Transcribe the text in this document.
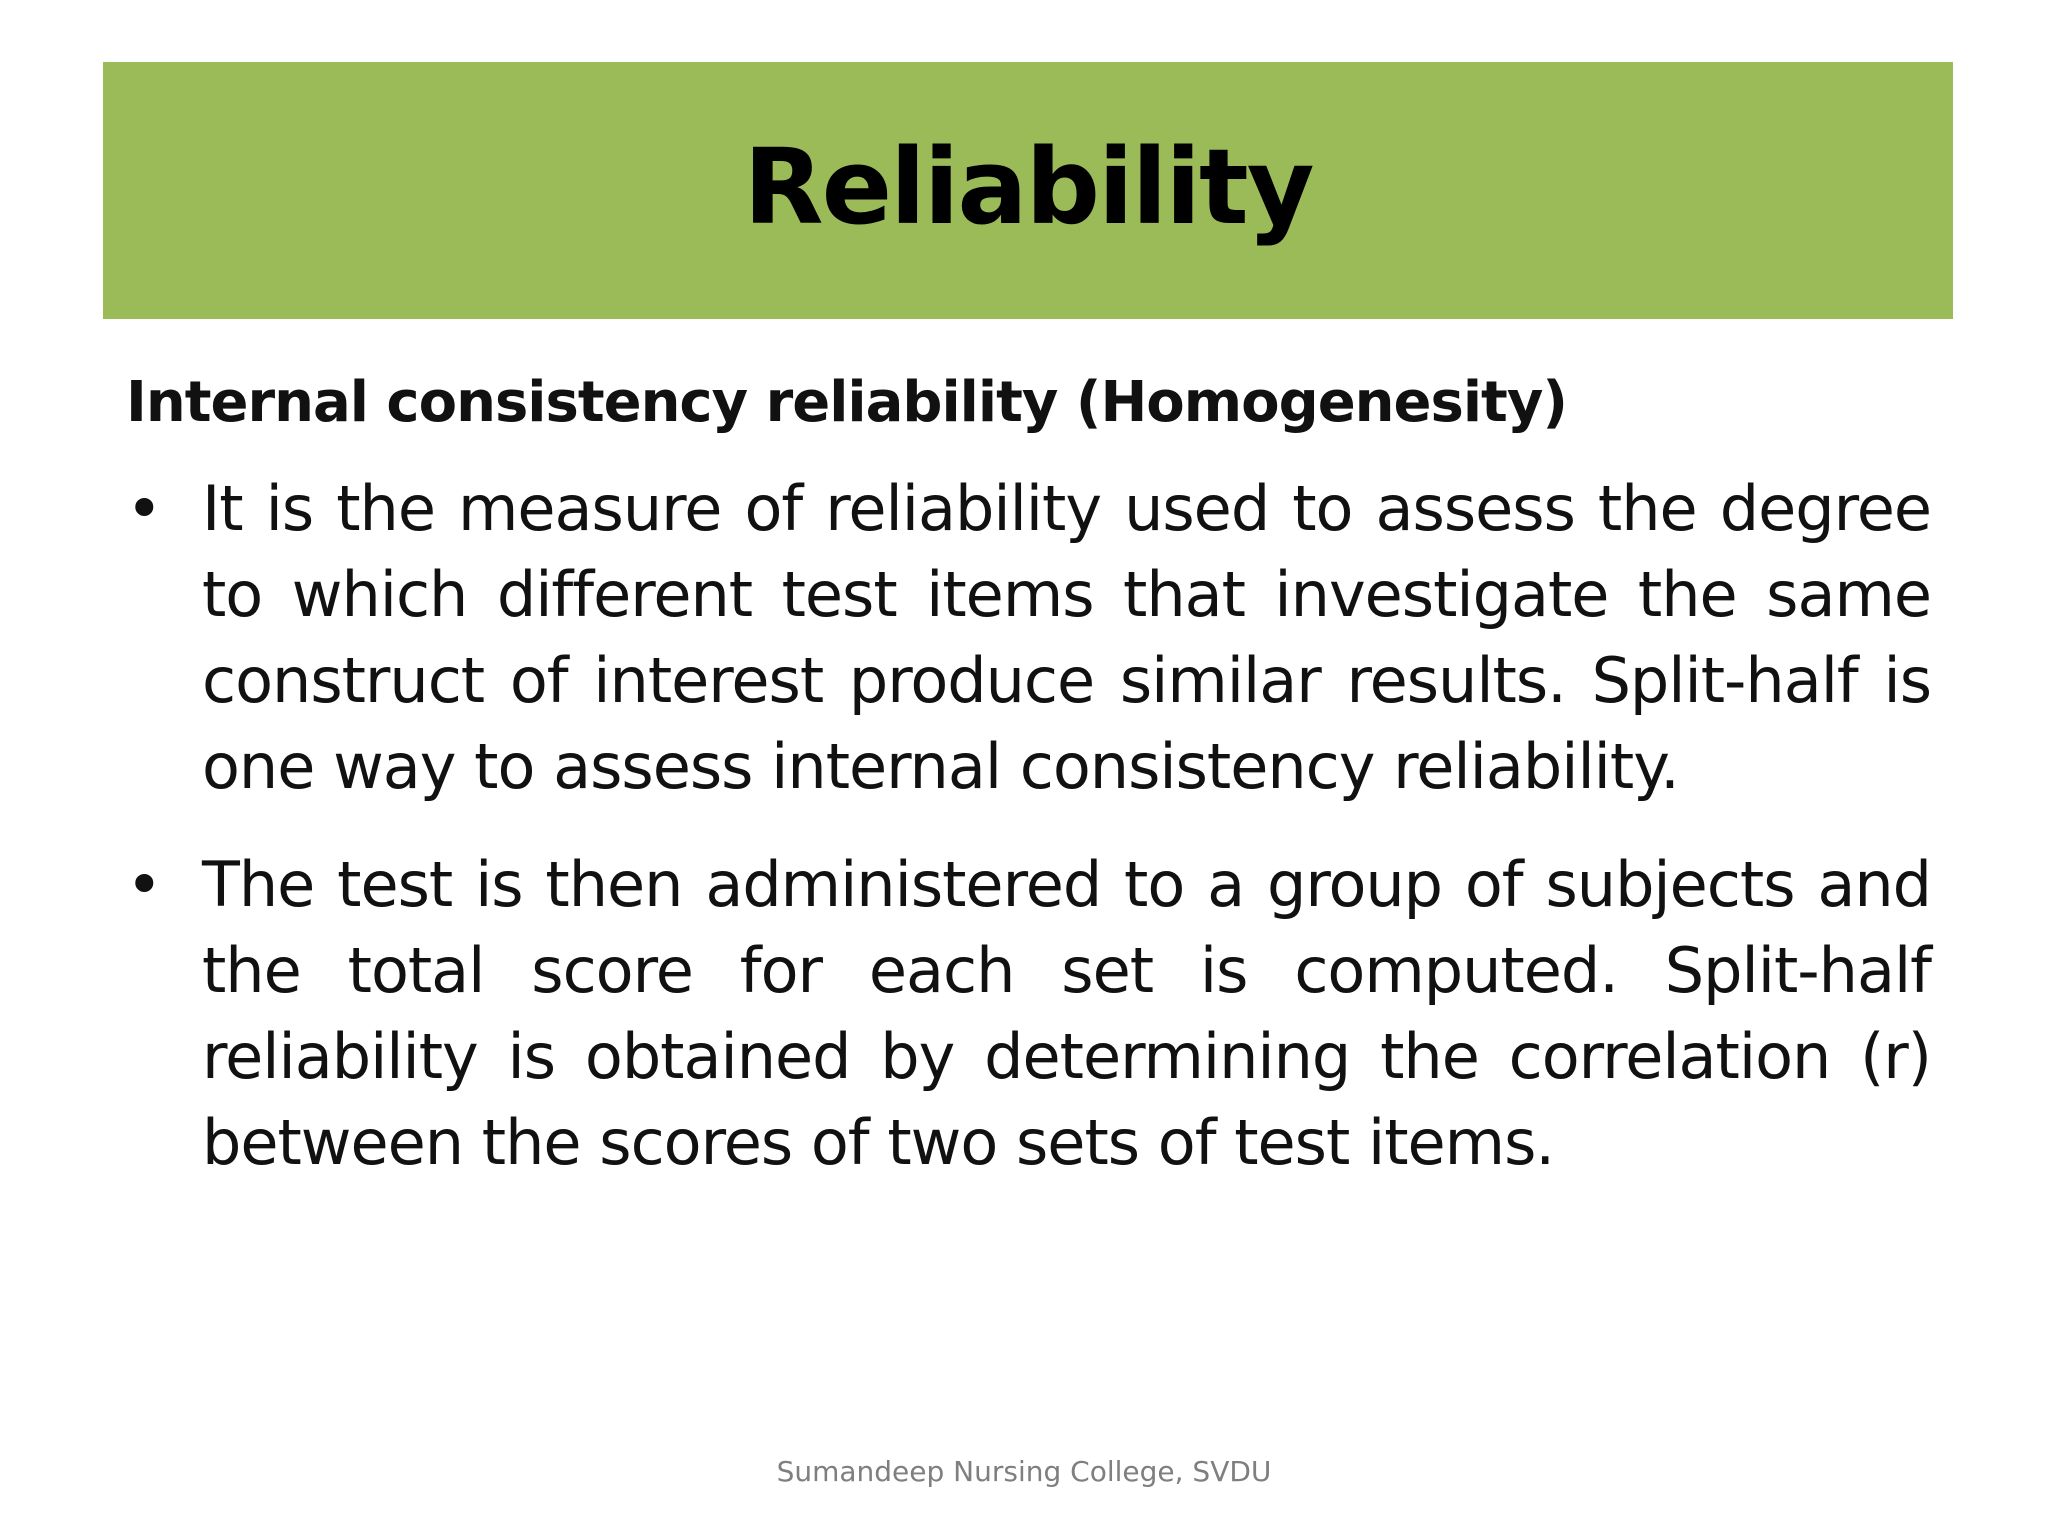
Reliability

Internal consistency reliability (Homogenesity)

• It is the measure of reliability used to assess the degree to which different test items that investigate the same construct of interest produce similar results. Split-half is one way to assess internal consistency reliability.
• The test is then administered to a group of subjects and the total score for each set is computed. Split-half reliability is obtained by determining the correlation (r) between the scores of two sets of test items.
Sumandeep Nursing College, SVDU
